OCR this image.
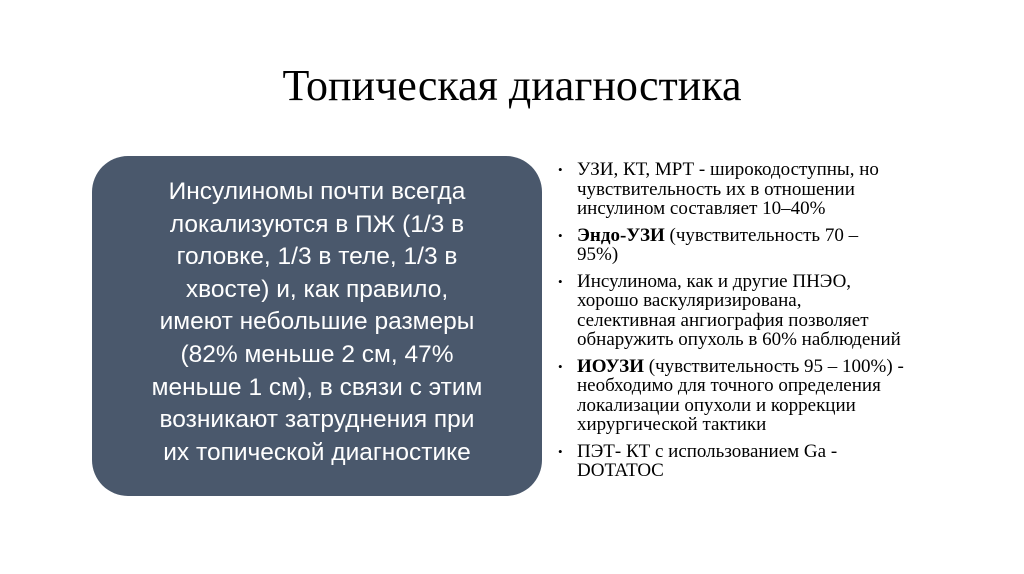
Топическая диагностика

Инсулиномы почти всегда
локализуются в ПЖ (1/3 в
головке, 1/3 в теле, 1/3 в
хвосте) и, как правило,
имеют небольшие размеры
(82% меньше 2 см, 47%
меньше 1 см), в связи с этим
возникают затруднения при
их топической диагностике

• УЗИ, КТ, МРТ - широкодоступны, но
чувствительность их в отношении
инсулином составляет 10–40%
• Эндо-УЗИ (чувствительность 70 –
95%)
• Инсулинома, как и другие ПНЭО,
хорошо васкуляризирована,
селективная ангиография позволяет
обнаружить опухоль в 60% наблюдений
• ИОУЗИ (чувствительность 95 – 100%) -
необходимо для точного определения
локализации опухоли и коррекции
хирургической тактики
• ПЭТ- КТ с использованием Ga -
DOTATOC
